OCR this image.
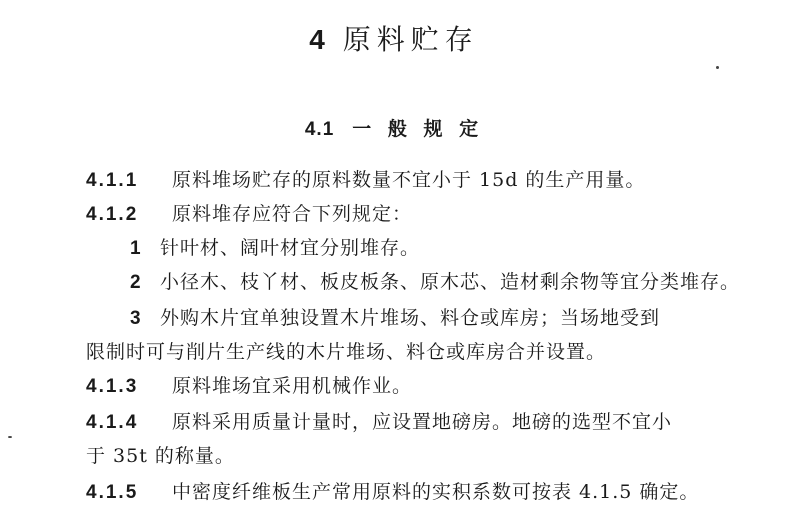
4 原料贮存
4.1 一 般 规 定
4.1.1 原料堆场贮存的原料数量不宜小于 15d 的生产用量。
4.1.2 原料堆存应符合下列规定：
1 针叶材、阔叶材宜分别堆存。
2 小径木、枝丫材、板皮板条、原木芯、造材剩余物等宜分类堆存。
3 外购木片宜单独设置木片堆场、料仓或库房；当场地受到
限制时可与削片生产线的木片堆场、料仓或库房合并设置。
4.1.3 原料堆场宜采用机械作业。
4.1.4 原料采用质量计量时，应设置地磅房。地磅的选型不宜小
于 35t 的称量。
4.1.5 中密度纤维板生产常用原料的实积系数可按表 4.1.5 确定。
